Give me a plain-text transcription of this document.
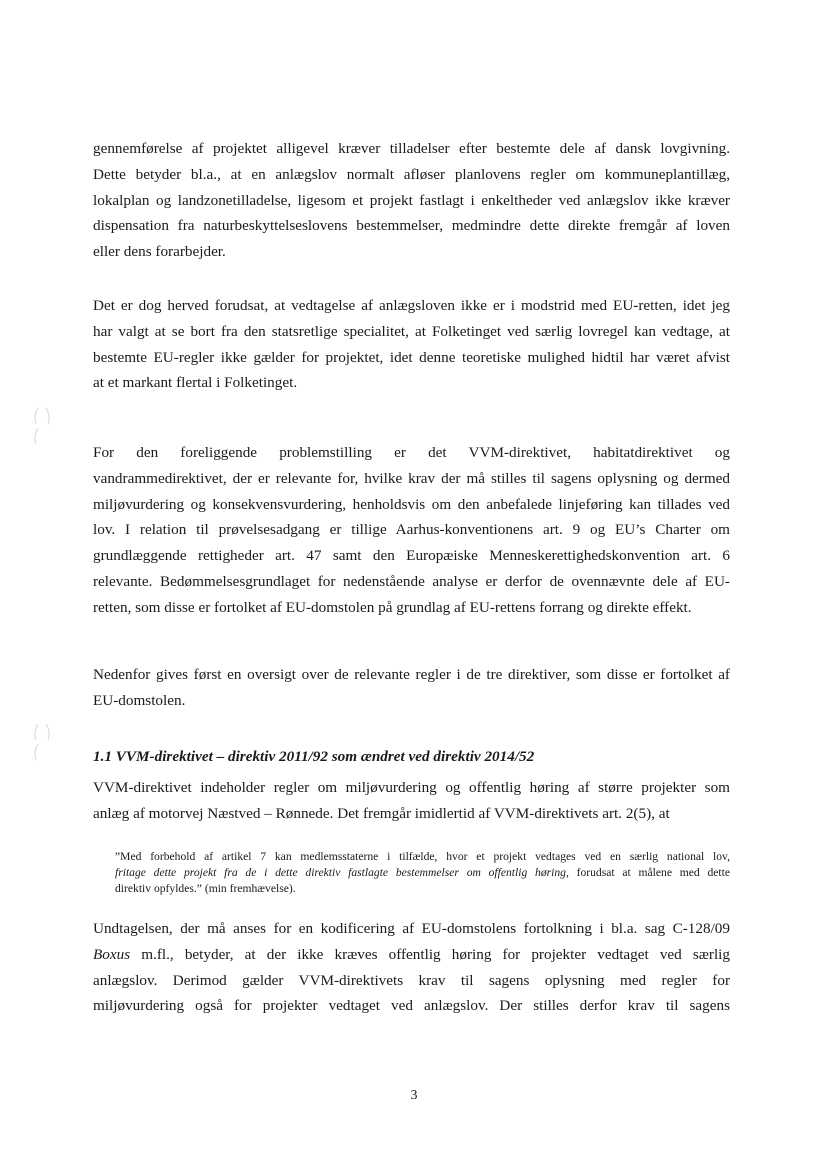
gennemførelse af projektet alligevel kræver tilladelser efter bestemte dele af dansk lovgivning.
Dette betyder bl.a., at en anlægslov normalt afløser planlovens regler om kommuneplantillæg,
lokalplan og landzonetilladelse, ligesom et projekt fastlagt i enkeltheder ved anlægslov ikke kræver
dispensation fra naturbeskyttelseslovens bestemmelser, medmindre dette direkte fremgår af loven
eller dens forarbejder.
Det er dog herved forudsat, at vedtagelse af anlægsloven ikke er i modstrid med EU-retten, idet jeg
har valgt at se bort fra den statsretlige specialitet, at Folketinget ved særlig lovregel kan vedtage, at
bestemte EU-regler ikke gælder for projektet, idet denne teoretiske mulighed hidtil har været afvist
at et markant flertal i Folketinget.
For den foreliggende problemstilling er det VVM-direktivet, habitatdirektivet og
vandrammedirektivet, der er relevante for, hvilke krav der må stilles til sagens oplysning og dermed
miljøvurdering og konsekvensvurdering, henholdsvis om den anbefalede linjeføring kan tillades ved
lov. I relation til prøvelsesadgang er tillige Aarhus-konventionens art. 9 og EU’s Charter om
grundlæggende rettigheder art. 47 samt den Europæiske Menneskerettighedskonvention art. 6
relevante. Bedømmelsesgrundlaget for nedenstående analyse er derfor de ovennævnte dele af EU-
retten, som disse er fortolket af EU-domstolen på grundlag af EU-rettens forrang og direkte effekt.
Nedenfor gives først en oversigt over de relevante regler i de tre direktiver, som disse er fortolket af
EU-domstolen.
1.1 VVM-direktivet – direktiv 2011/92 som ændret ved direktiv 2014/52
VVM-direktivet indeholder regler om miljøvurdering og offentlig høring af større projekter som
anlæg af motorvej Næstved – Rønnede. Det fremgår imidlertid af VVM-direktivets art. 2(5), at
”Med forbehold af artikel 7 kan medlemsstaterne i tilfælde, hvor et projekt vedtages ved en særlig national lov,
fritage dette projekt fra de i dette direktiv fastlagte bestemmelser om offentlig høring, forudsat at målene med dette
direktiv opfyldes.” (min fremhævelse).
Undtagelsen, der må anses for en kodificering af EU-domstolens fortolkning i bl.a. sag C-128/09
Boxus m.fl., betyder, at der ikke kræves offentlig høring for projekter vedtaget ved særlig
anlægslov. Derimod gælder VVM-direktivets krav til sagens oplysning med regler for
miljøvurdering også for projekter vedtaget ved anlægslov. Der stilles derfor krav til sagens
3
